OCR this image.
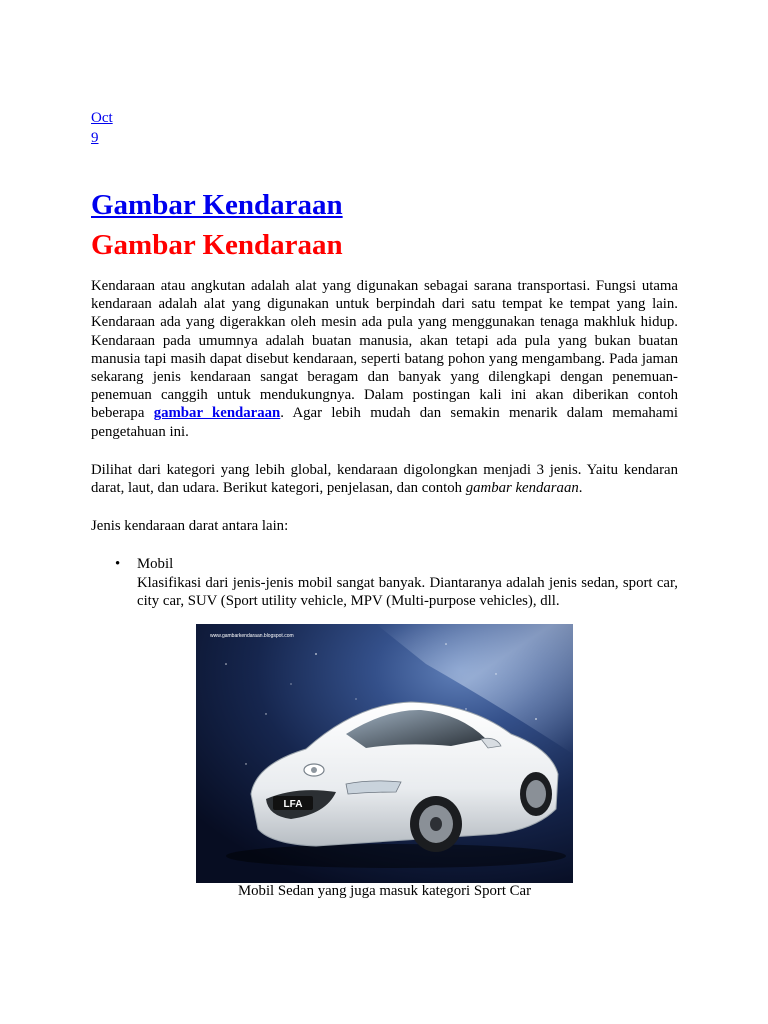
Oct
9
Gambar Kendaraan
Gambar Kendaraan

Kendaraan atau angkutan adalah alat yang digunakan sebagai sarana transportasi. Fungsi utama kendaraan adalah alat yang digunakan untuk berpindah dari satu tempat ke tempat yang lain. Kendaraan ada yang digerakkan oleh mesin ada pula yang menggunakan tenaga makhluk hidup. Kendaraan pada umumnya adalah buatan manusia, akan tetapi ada pula yang bukan buatan manusia tapi masih dapat disebut kendaraan, seperti batang pohon yang mengambang. Pada jaman sekarang jenis kendaraan sangat beragam dan banyak yang dilengkapi dengan penemuan-penemuan canggih untuk mendukungnya. Dalam postingan kali ini akan diberikan contoh beberapa gambar kendaraan. Agar lebih mudah dan semakin menarik dalam memahami pengetahuan ini.

Dilihat dari kategori yang lebih global, kendaraan digolongkan menjadi 3 jenis. Yaitu kendaran darat, laut, dan udara. Berikut kategori, penjelasan, dan contoh gambar kendaraan.

Jenis kendaraan darat antara lain:

• Mobil
Klasifikasi dari jenis-jenis mobil sangat banyak. Diantaranya adalah jenis sedan, sport car, city car, SUV (Sport utility vehicle, MPV (Multi-purpose vehicles), dll.
www.gambarkendaraan.blogspot.com
LFA
Mobil Sedan yang juga masuk kategori Sport Car
